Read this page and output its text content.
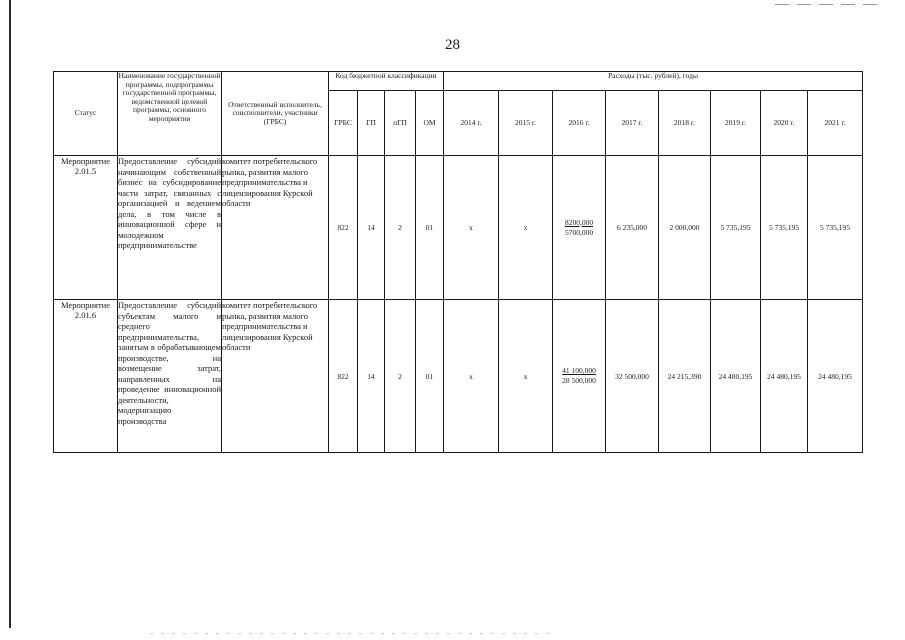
28
Статус	Наименование государственной программы, подпрограммы государственной программы, ведомственной целевой программы, основного мероприятия	Ответственный исполнитель, соисполнители, участники (ГРБС)	Код бюджетной классификации				Расходы (тыс. рублей), годы							
			ГРБС	ГП	пГП	ОМ	2014 г.	2015 г.	2016 г.	2017 г.	2018 г.	2019 г.	2020 г.	2021 г.
Мероприятие 2.01.5	Предоставление субсидий начинающим собственный бизнес на субсидирование части затрат, связанных с организацией и ведением дела, в том числе в инновационной сфере и молодежном предпринимательстве	комитет потребительского рынка, развития малого предпринимательства и лицензирования Курской области	822	14	2	01	х	х	$\frac{8200,000}{5700,000}$	6 235,000	2 000,000	5 735,195	5 735,195	5 735,195
Мероприятие 2.01.6	Предоставление субсидий субъектам малого и среднего предпринимательства, занятым в обрабатывающем производстве, на возмещение затрат, направленных на проведение инновационной деятельности, модернизацию производства	комитет потребительского рынка, развития малого предпринимательства и лицензирования Курской области	822	14	2	01	х	х	$\frac{41 100,000}{28 500,000}$	32 500,000	24 215,390	24 480,195	24 480,195	24 480,195
